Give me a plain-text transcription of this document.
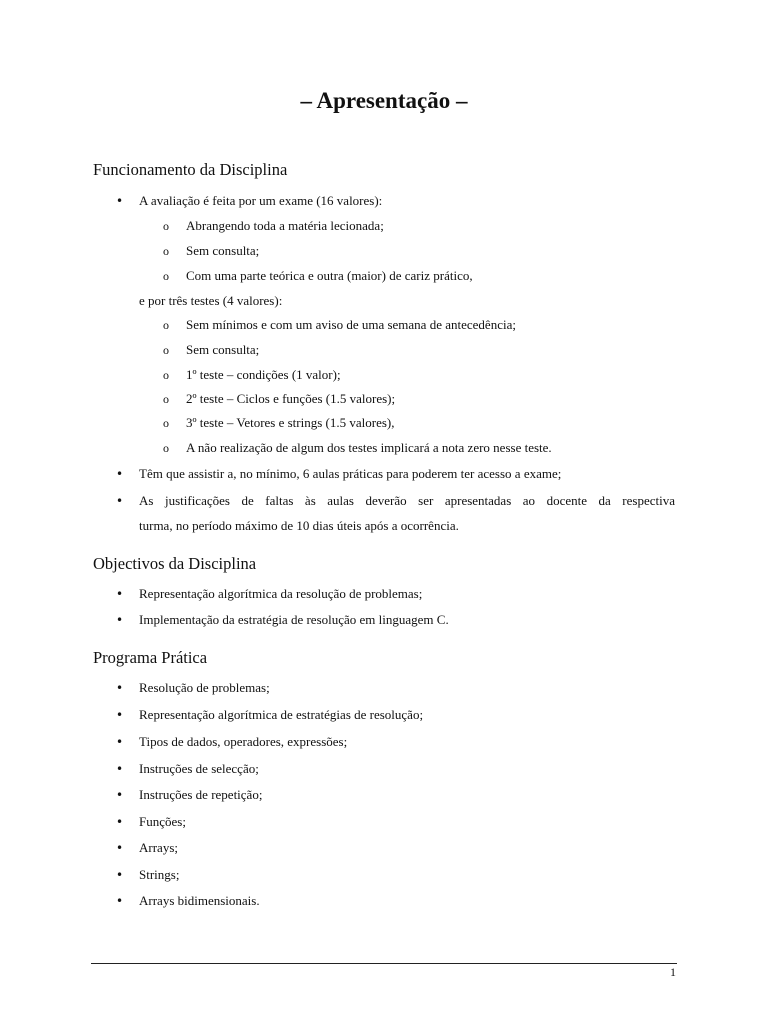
– Apresentação –
Funcionamento da Disciplina
• A avaliação é feita por um exame (16 valores):
o Abrangendo toda a matéria lecionada;
o Sem consulta;
o Com uma parte teórica e outra (maior) de cariz prático,
e por três testes (4 valores):
o Sem mínimos e com um aviso de uma semana de antecedência;
o Sem consulta;
o 1º teste – condições (1 valor);
o 2º teste – Ciclos e funções (1.5 valores);
o 3º teste – Vetores e strings (1.5 valores),
o A não realização de algum dos testes implicará a nota zero nesse teste.
• Têm que assistir a, no mínimo, 6 aulas práticas para poderem ter acesso a exame;
• As justificações de faltas às aulas deverão ser apresentadas ao docente da respectiva
turma, no período máximo de 10 dias úteis após a ocorrência.
Objectivos da Disciplina
• Representação algorítmica da resolução de problemas;
• Implementação da estratégia de resolução em linguagem C.
Programa Prática
• Resolução de problemas;
• Representação algorítmica de estratégias de resolução;
• Tipos de dados, operadores, expressões;
• Instruções de selecção;
• Instruções de repetição;
• Funções;
• Arrays;
• Strings;
• Arrays bidimensionais.
1
